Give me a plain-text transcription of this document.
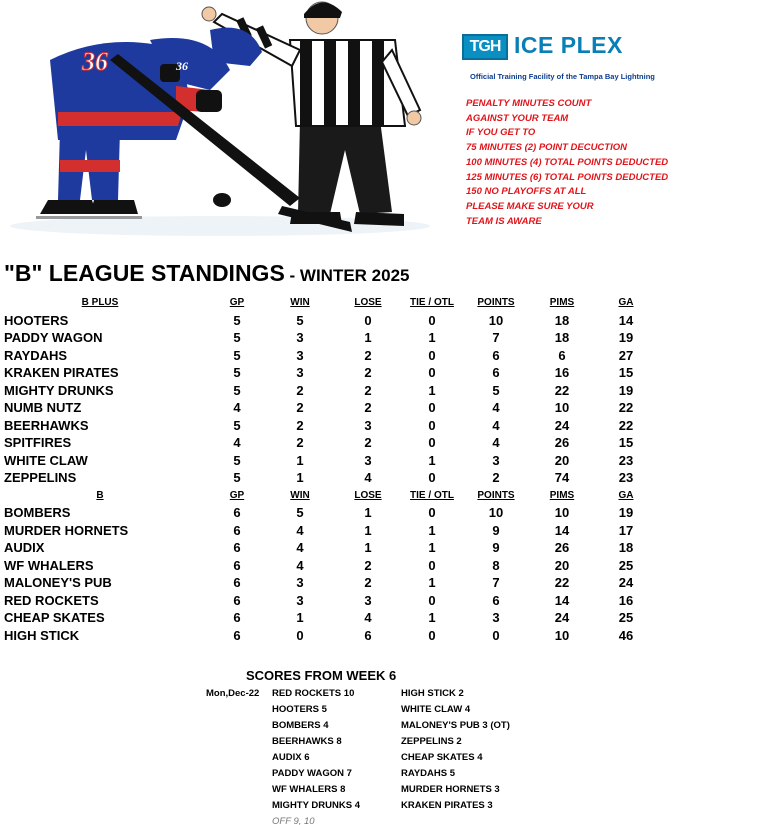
36	36
TGH ICE PLEX
Official Training Facility of the Tampa Bay Lightning
PENALTY MINUTES COUNT
AGAINST YOUR TEAM
IF YOU GET TO
75 MINUTES (2) POINT DECUCTION
100 MINUTES (4) TOTAL POINTS DEDUCTED
125 MINUTES (6) TOTAL POINTS DEDUCTED
150 NO PLAYOFFS AT ALL
PLEASE MAKE SURE YOUR
TEAM IS AWARE
"B" LEAGUE STANDINGS - WINTER 2025
B PLUS	GP	WIN	LOSE	TIE / OTL	POINTS	PIMS	GA
HOOTERS	5	5	0	0	10	18	14
PADDY WAGON	5	3	1	1	7	18	19
RAYDAHS	5	3	2	0	6	6	27
KRAKEN PIRATES	5	3	2	0	6	16	15
MIGHTY DRUNKS	5	2	2	1	5	22	19
NUMB NUTZ	4	2	2	0	4	10	22
BEERHAWKS	5	2	3	0	4	24	22
SPITFIRES	4	2	2	0	4	26	15
WHITE CLAW	5	1	3	1	3	20	23
ZEPPELINS	5	1	4	0	2	74	23
B	GP	WIN	LOSE	TIE / OTL	POINTS	PIMS	GA
BOMBERS	6	5	1	0	10	10	19
MURDER HORNETS	6	4	1	1	9	14	17
AUDIX	6	4	1	1	9	26	18
WF WHALERS	6	4	2	0	8	20	25
MALONEY'S PUB	6	3	2	1	7	22	24
RED ROCKETS	6	3	3	0	6	14	16
CHEAP SKATES	6	1	4	1	3	24	25
HIGH STICK	6	0	6	0	0	10	46
SCORES FROM WEEK 6
Mon,Dec-22 RED ROCKETS 10	HIGH STICK 2
HOOTERS 5	WHITE CLAW 4
BOMBERS 4	MALONEY'S PUB 3 (OT)
BEERHAWKS 8	ZEPPELINS 2
AUDIX 6	CHEAP SKATES 4
PADDY WAGON 7	RAYDAHS 5
WF WHALERS 8	MURDER HORNETS 3
MIGHTY DRUNKS 4	KRAKEN PIRATES 3
OFF 9, 10
